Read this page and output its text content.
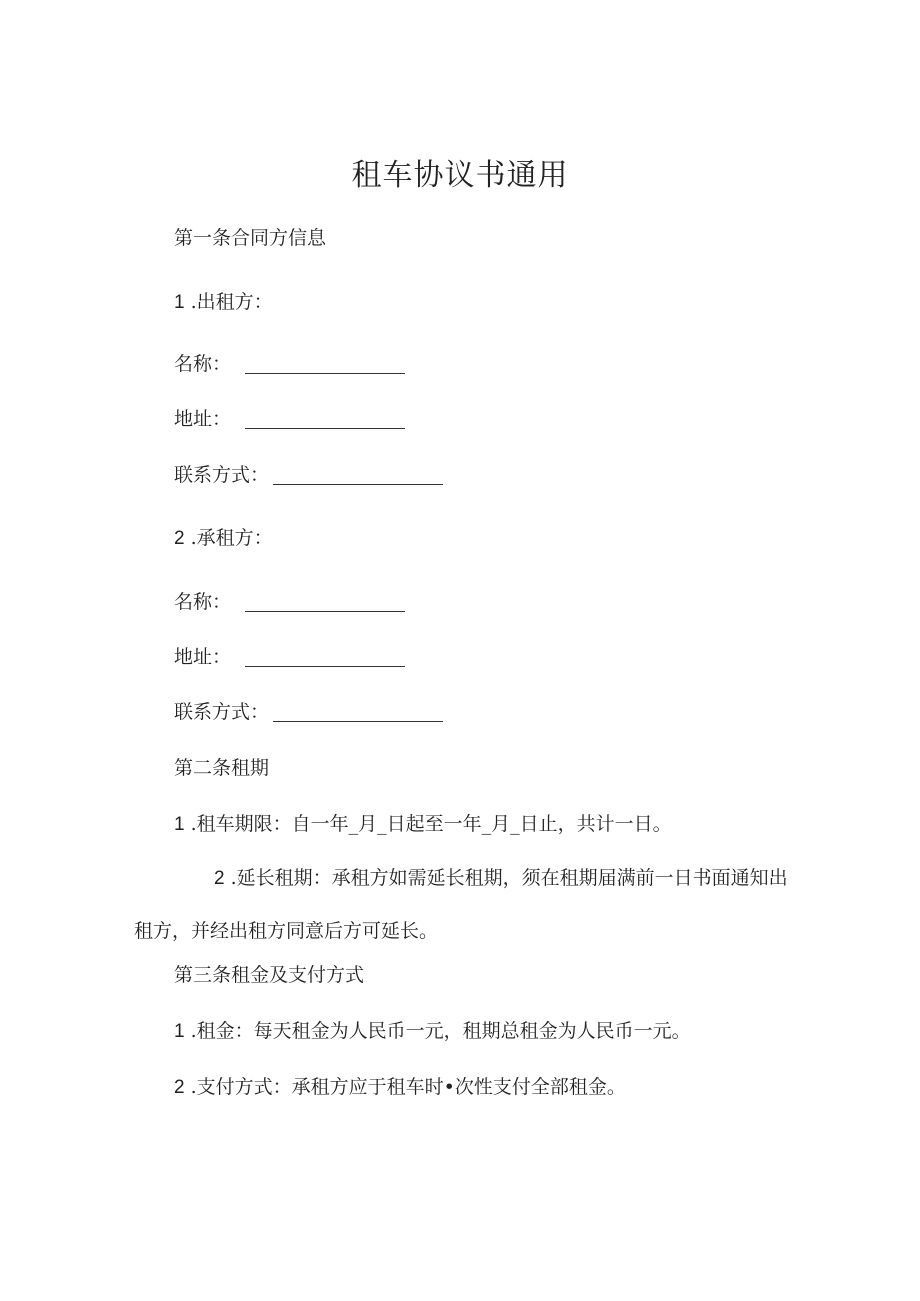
租车协议书通用
第一条合同方信息
1 .出租方：
名称：
地址：
联系方式：
2 .承租方：
名称：
地址：
联系方式：
第二条租期
1 .租车期限：自一年_月_日起至一年_月_日止，共计一日。
2 .延长租期：承租方如需延长租期，须在租期届满前一日书面通知出租方，并经出租方同意后方可延长。
第三条租金及支付方式
1 .租金：每天租金为人民币一元，租期总租金为人民币一元。
2 .支付方式：承租方应于租车时•次性支付全部租金。
